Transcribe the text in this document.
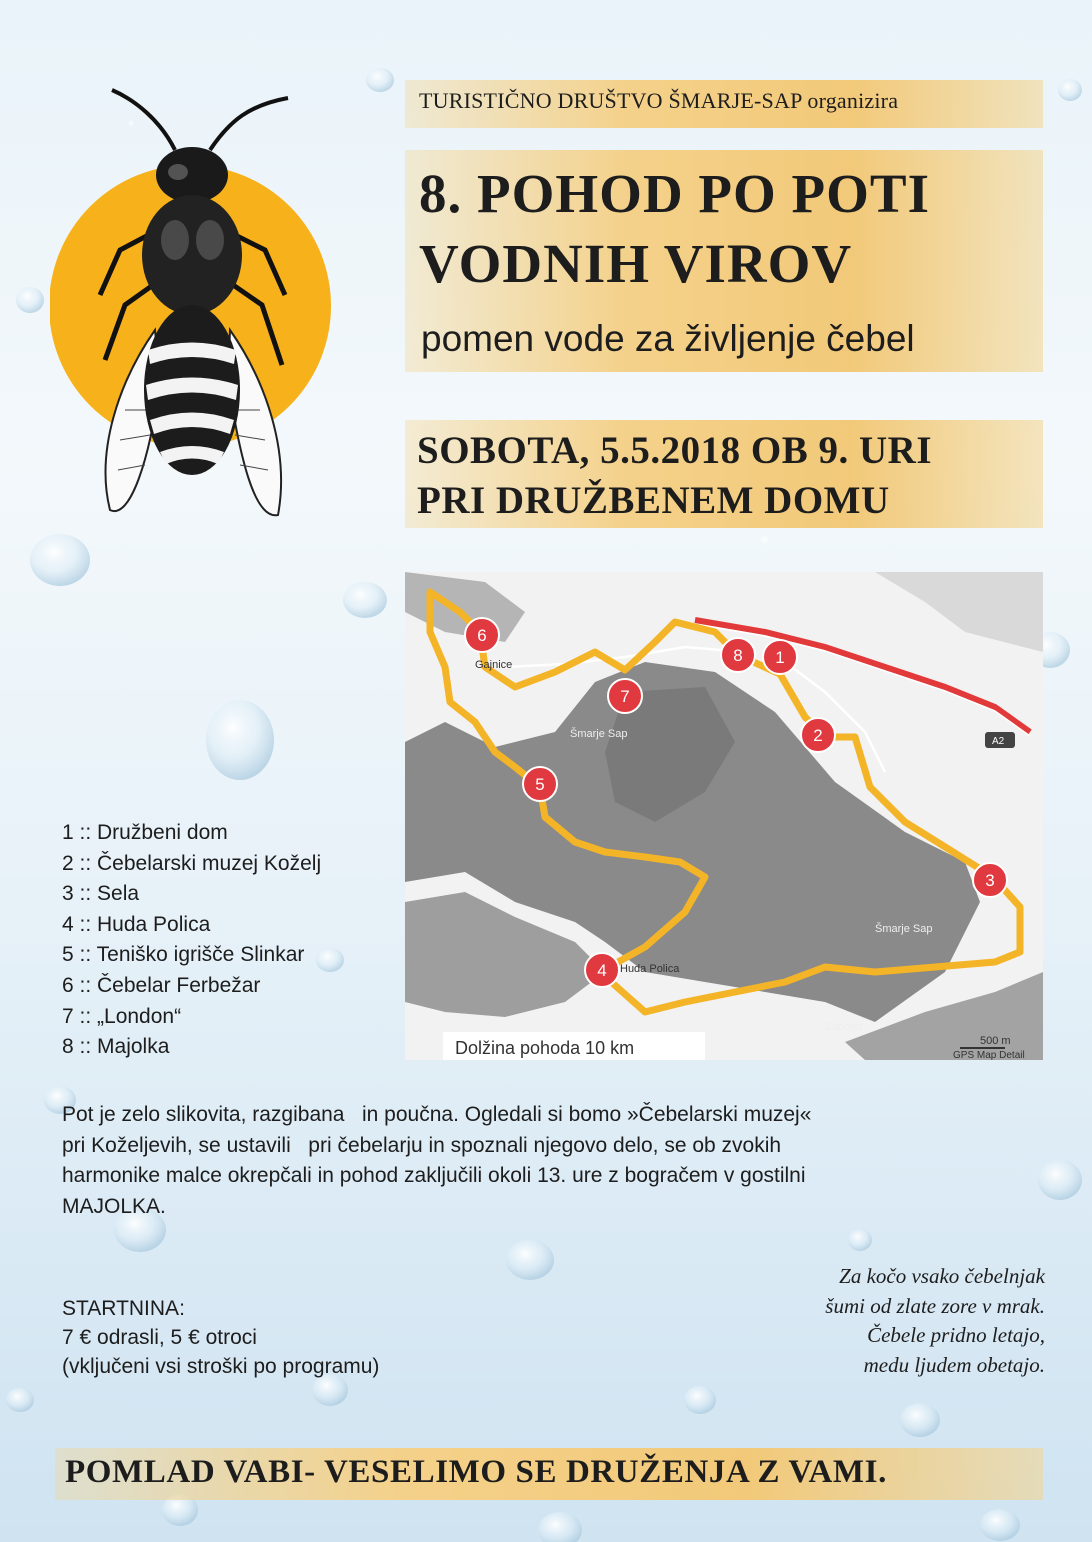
TURISTIČNO DRUŠTVO ŠMARJE-SAP organizira
8. POHOD PO POTI
VODNIH VIROV
pomen vode za življenje čebel
SOBOTA, 5.5.2018 OB 9. URI
PRI DRUŽBENEM DOMU
A2
Gajnice
Šmarje Sap
Huda Polica
Šmarje Sap
Zaboršt
1
2
3
4
5
6
7
8
Dolžina pohoda 10 km	500 m
GPS Map Detail
1 :: Družbeni dom
2 :: Čebelarski muzej Koželj
3 :: Sela
4 :: Huda Polica
5 :: Teniško igrišče Slinkar
6 :: Čebelar Ferbežar
7 :: „London“
8 :: Majolka
Pot je zelo slikovita, razgibana   in poučna. Ogledali si bomo »Čebelarski muzej«
pri Koželjevih, se ustavili   pri čebelarju in spoznali njegovo delo, se ob zvokih
harmonike malce okrepčali in pohod zaključili okoli 13. ure z bogračem v gostilni
MAJOLKA.
STARTNINA:
7 € odrasli, 5 € otroci
(vključeni vsi stroški po programu)
Za kočo vsako čebelnjak
šumi od zlate zore v mrak.
Čebele pridno letajo,
medu ljudem obetajo.
POMLAD VABI- VESELIMO SE DRUŽENJA Z VAMI.
